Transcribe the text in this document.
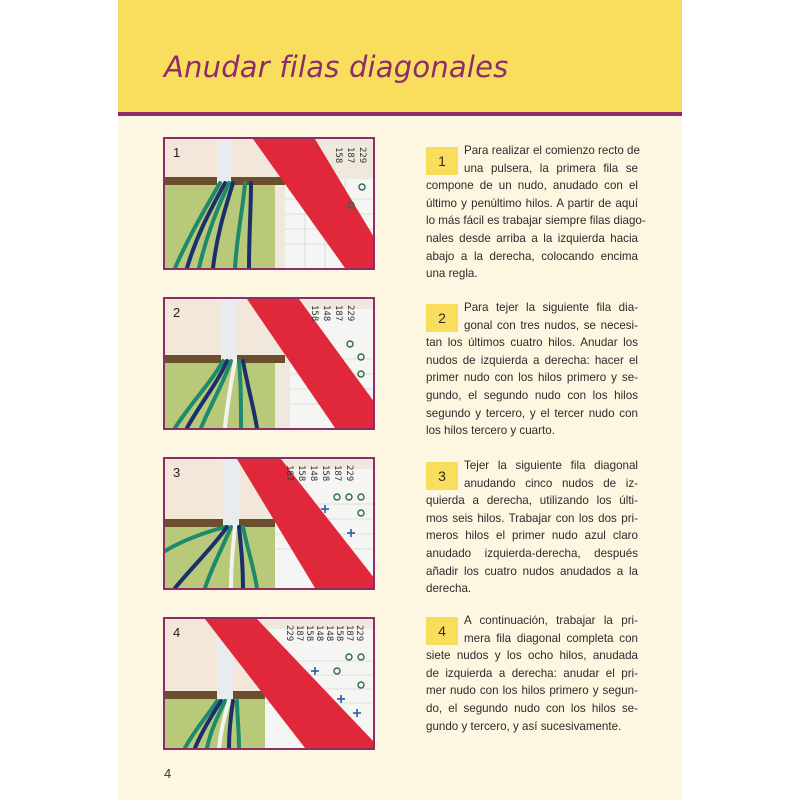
Anudar filas diagonales
158 187 229
1
158 148 187 229
2
187 158 148 158 187 229
3
229 187 158 148 148 158 187 229
4
1
Para realizar el comienzo recto de
una pulsera, la primera fila se
compone de un nudo, anudado con el
último y penúltimo hilos. A partir de aquí
lo más fácil es trabajar siempre filas diago-
nales desde arriba a la izquierda hacia
abajo a la derecha, colocando encima
una regla.
2
Para tejer la siguiente fila dia-
gonal con tres nudos, se necesi-
tan los últimos cuatro hilos. Anudar los
nudos de izquierda a derecha: hacer el
primer nudo con los hilos primero y se-
gundo, el segundo nudo con los hilos
segundo y tercero, y el tercer nudo con
los hilos tercero y cuarto.
3
Tejer la siguiente fila diagonal
anudando cinco nudos de iz-
quierda a derecha, utilizando los últi-
mos seis hilos. Trabajar con los dos pri-
meros hilos el primer nudo azul claro
anudado izquierda-derecha, después
añadir los cuatro nudos anudados a la
derecha.
4
A continuación, trabajar la pri-
mera fila diagonal completa con
siete nudos y los ocho hilos, anudada
de izquierda a derecha: anudar el pri-
mer nudo con los hilos primero y segun-
do, el segundo nudo con los hilos se-
gundo y tercero, y así sucesivamente.
4
